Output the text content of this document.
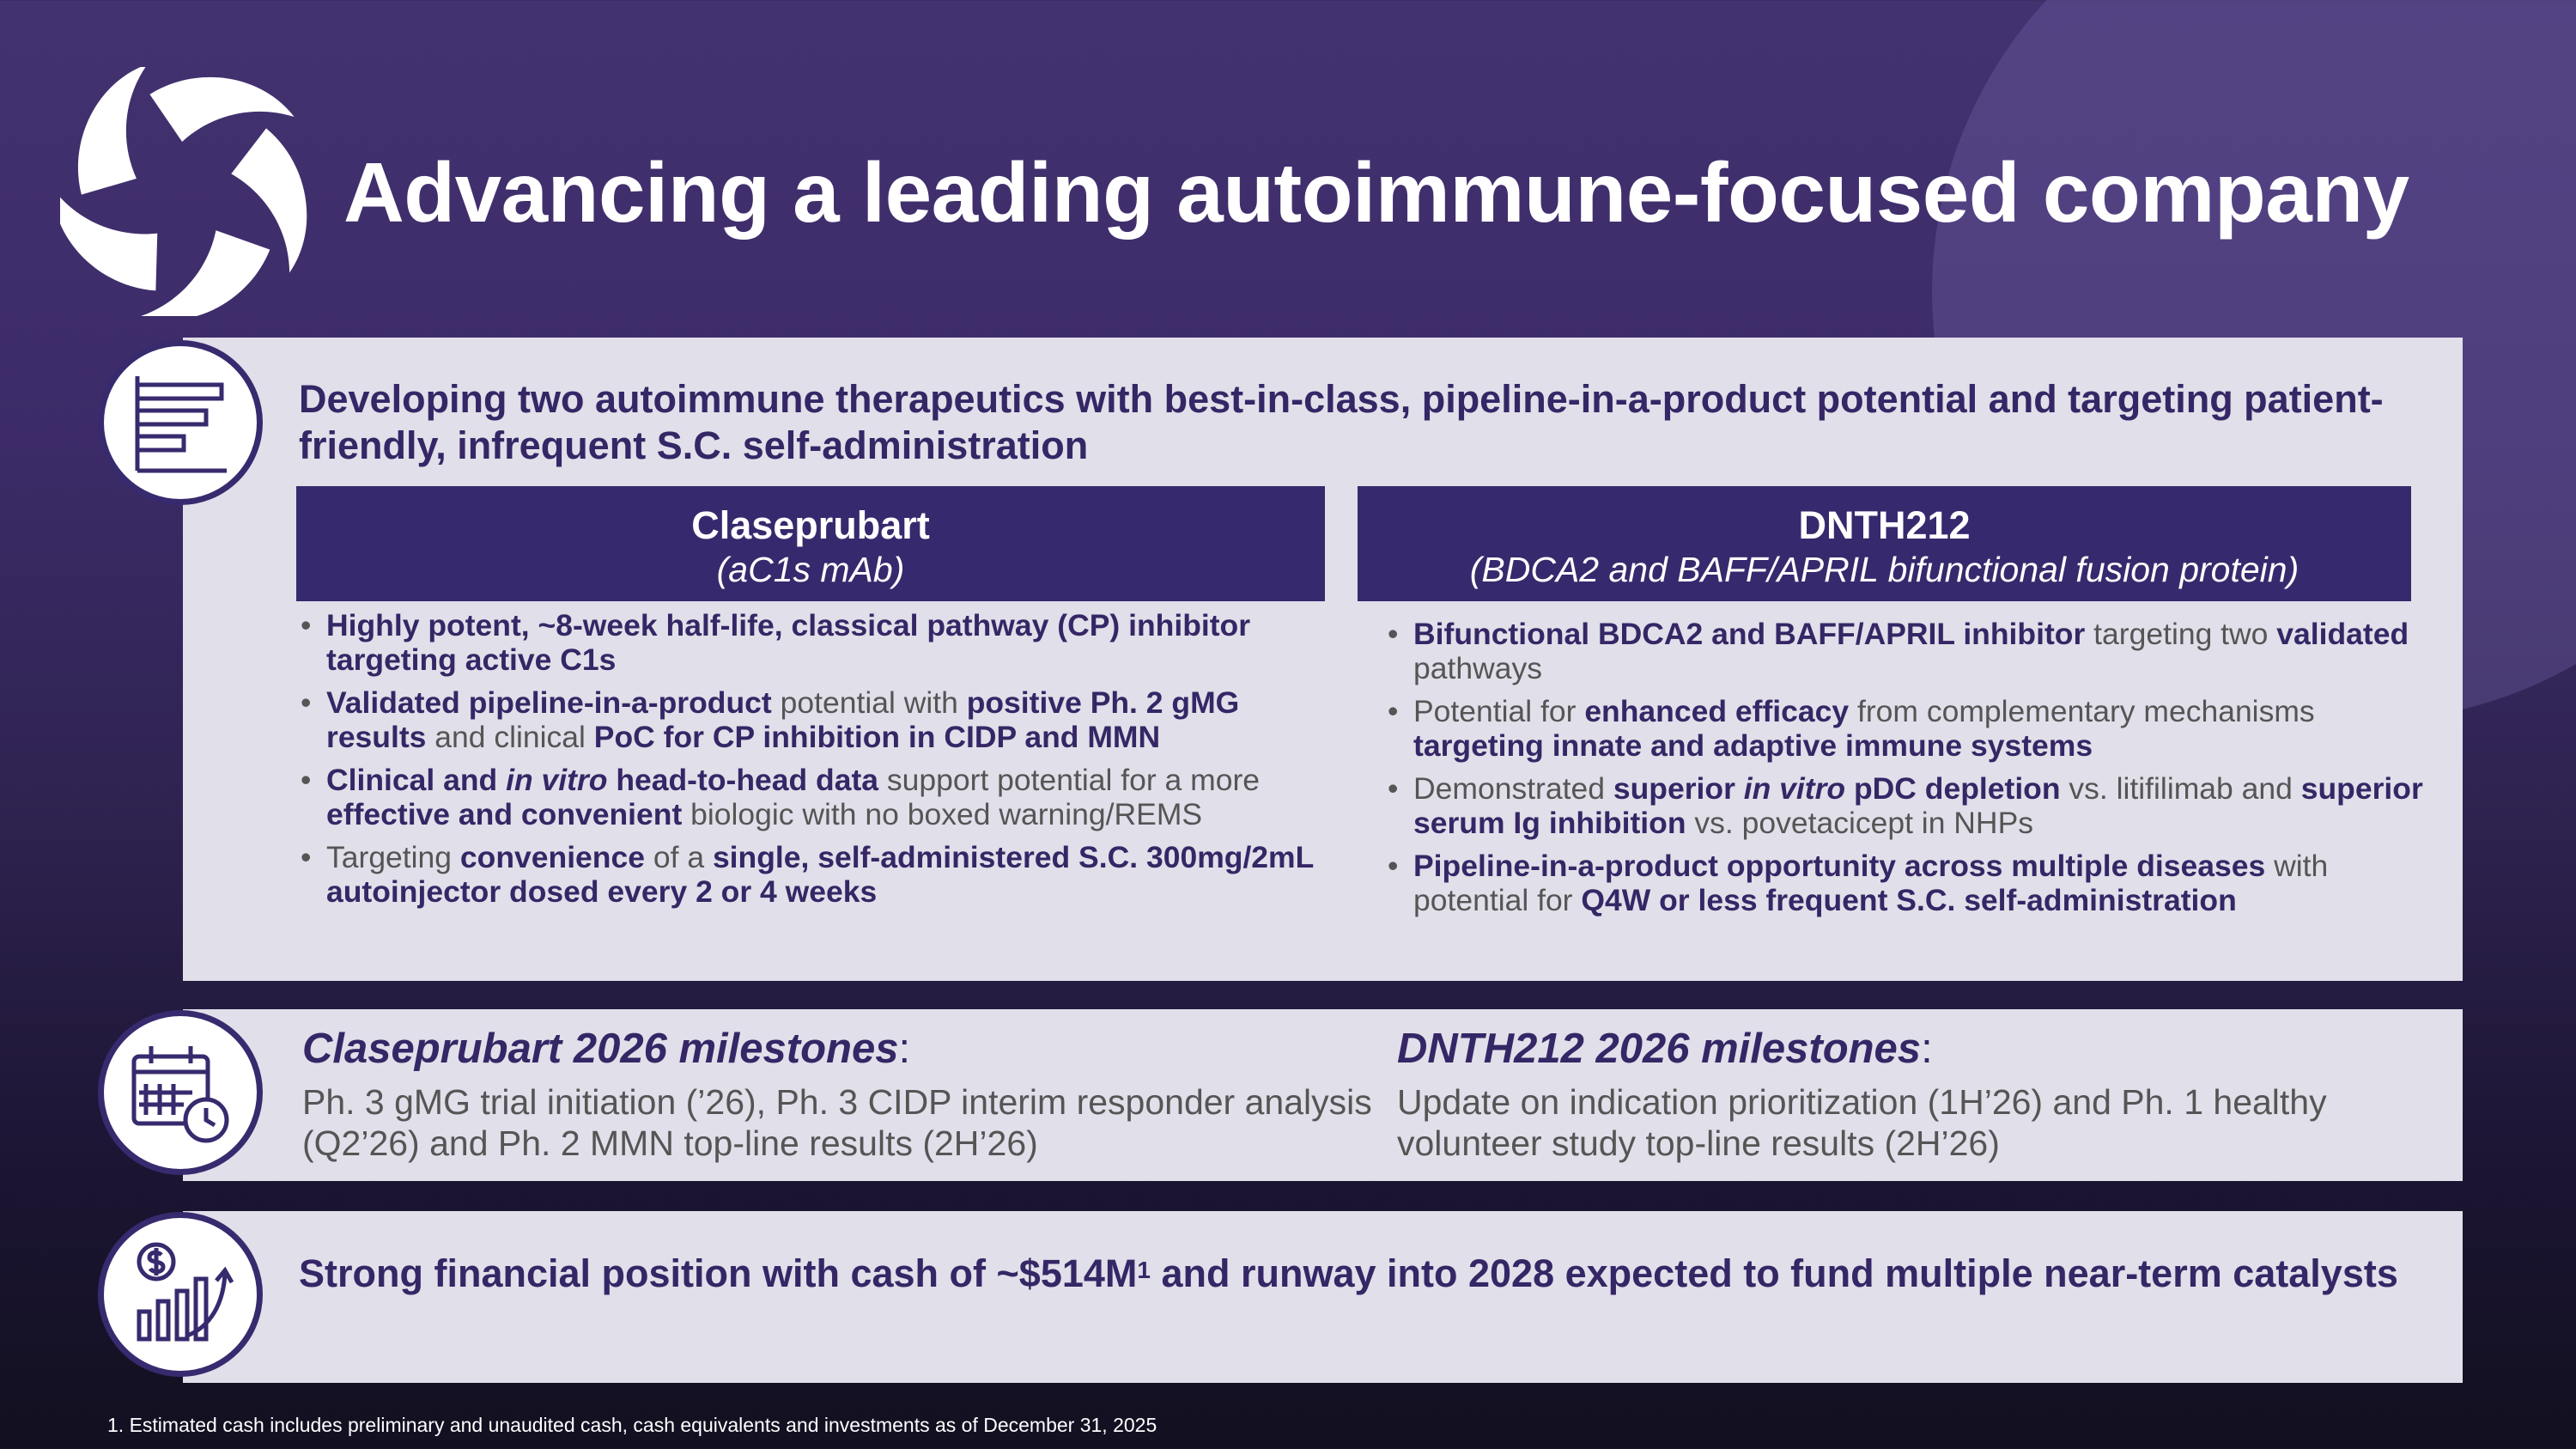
Advancing a leading autoimmune-focused company
Developing two autoimmune therapeutics with best-in-class, pipeline-in-a-product potential and targeting patient-friendly, infrequent S.C. self-administration
Claseprubart
(aC1s mAb)
DNTH212
(BDCA2 and BAFF/APRIL bifunctional fusion protein)
• Highly potent, ~8-week half-life, classical pathway (CP) inhibitor targeting active C1s
• Validated pipeline-in-a-product potential with positive Ph. 2 gMG results and clinical PoC for CP inhibition in CIDP and MMN
• Clinical and in vitro head-to-head data support potential for a more effective and convenient biologic with no boxed warning/REMS
• Targeting convenience of a single, self-administered S.C. 300mg/2mL autoinjector dosed every 2 or 4 weeks
• Bifunctional BDCA2 and BAFF/APRIL inhibitor targeting two validated pathways
• Potential for enhanced efficacy from complementary mechanisms targeting innate and adaptive immune systems
• Demonstrated superior in vitro pDC depletion vs. litifilimab and superior serum Ig inhibition vs. povetacicept in NHPs
• Pipeline-in-a-product opportunity across multiple diseases with potential for Q4W or less frequent S.C. self-administration
Claseprubart 2026 milestones:

Ph. 3 gMG trial initiation (’26), Ph. 3 CIDP interim responder analysis (Q2’26) and Ph. 2 MMN top-line results (2H’26)

DNTH212 2026 milestones:

Update on indication prioritization (1H’26) and Ph. 1 healthy volunteer study top-line results (2H’26)

Strong financial position with cash of $\sim\$514M^1$ and runway into 2028 expected to fund multiple near-term catalysts

1. Estimated cash includes preliminary and unaudited cash, cash equivalents and investments as of December 31, 2025
